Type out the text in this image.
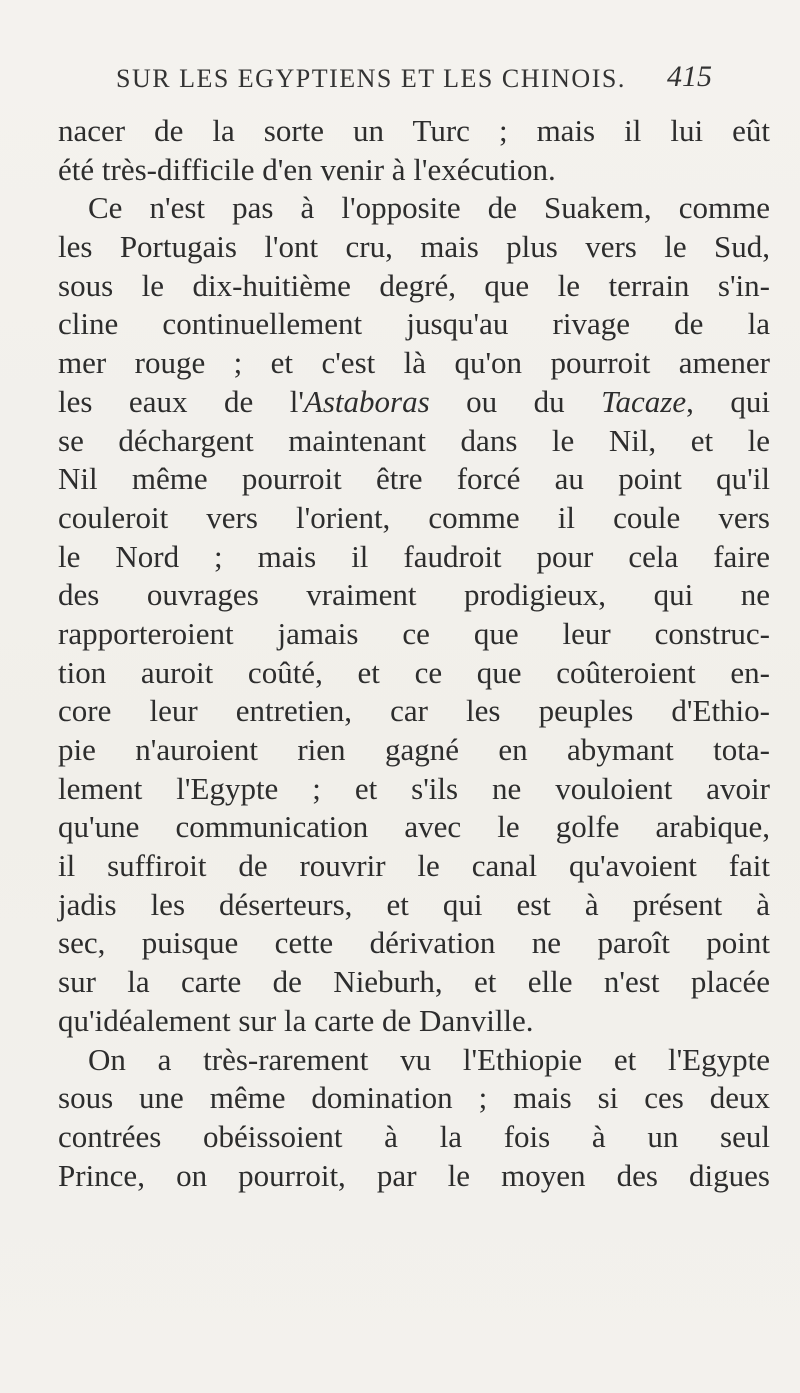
SUR LES EGYPTIENS ET LES CHINOIS. 415
nacer de la sorte un Turc ; mais il lui eût
été très-difficile d'en venir à l'exécution.
Ce n'est pas à l'opposite de Suakem, comme
les Portugais l'ont cru, mais plus vers le Sud,
sous le dix-huitième degré, que le terrain s'in-
cline continuellement jusqu'au rivage de la
mer rouge ; et c'est là qu'on pourroit amener
les eaux de l'Astaboras ou du Tacaze, qui
se déchargent maintenant dans le Nil, et le
Nil même pourroit être forcé au point qu'il
couleroit vers l'orient, comme il coule vers
le Nord ; mais il faudroit pour cela faire
des ouvrages vraiment prodigieux, qui ne
rapporteroient jamais ce que leur construc-
tion auroit coûté, et ce que coûteroient en-
core leur entretien, car les peuples d'Ethio-
pie n'auroient rien gagné en abymant tota-
lement l'Egypte ; et s'ils ne vouloient avoir
qu'une communication avec le golfe arabique,
il suffiroit de rouvrir le canal qu'avoient fait
jadis les déserteurs, et qui est à présent à
sec, puisque cette dérivation ne paroît point
sur la carte de Nieburh, et elle n'est placée
qu'idéalement sur la carte de Danville.
On a très-rarement vu l'Ethiopie et l'Egypte
sous une même domination ; mais si ces deux
contrées obéissoient à la fois à un seul
Prince, on pourroit, par le moyen des digues
